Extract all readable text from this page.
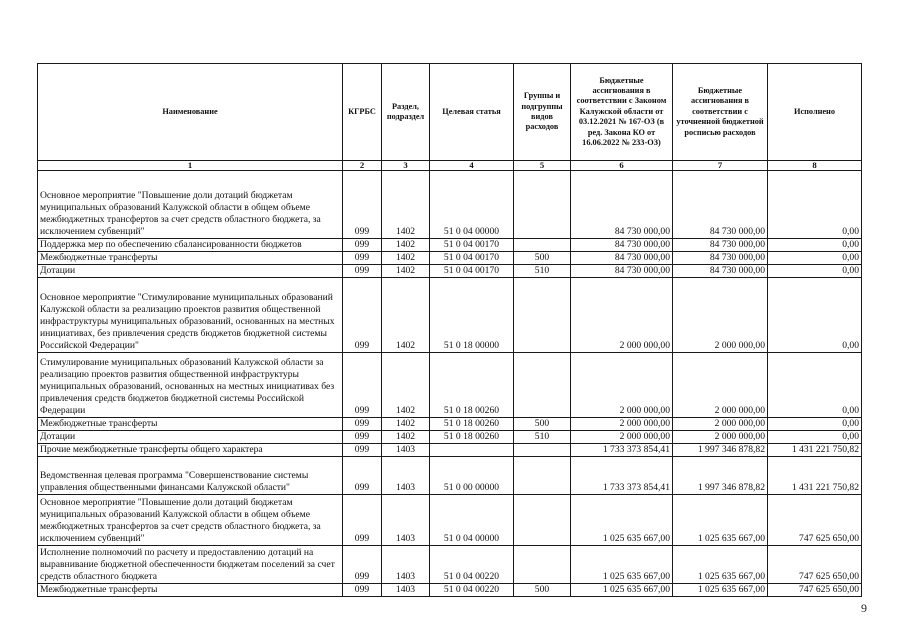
Наименование	КГРБС	Раздел, подраздел	Целевая статья	Группы и подгруппы видов расходов	Бюджетные ассигнования в соответствии с Законом Калужской области от 03.12.2021 № 167-ОЗ (в ред. Закона КО от 16.06.2022 № 233-ОЗ)	Бюджетные ассигнования в соответствии с уточненной бюджетной росписью расходов	Исполнено
1	2	3	4	5	6	7	8
Основное мероприятие "Повышение доли дотаций бюджетам муниципальных образований Калужской области в общем объеме межбюджетных трансфертов за счет средств областного бюджета, за исключением субвенций"	099	1402	51 0 04 00000		84 730 000,00	84 730 000,00	0,00
Поддержка мер по обеспечению сбалансированности бюджетов	099	1402	51 0 04 00170		84 730 000,00	84 730 000,00	0,00
Межбюджетные трансферты	099	1402	51 0 04 00170	500	84 730 000,00	84 730 000,00	0,00
Дотации	099	1402	51 0 04 00170	510	84 730 000,00	84 730 000,00	0,00
Основное мероприятие "Стимулирование муниципальных образований Калужской области за реализацию проектов развития общественной инфраструктуры муниципальных образований, основанных на местных инициативах, без привлечения средств бюджетов бюджетной системы Российской Федерации"	099	1402	51 0 18 00000		2 000 000,00	2 000 000,00	0,00
Стимулирование муниципальных образований Калужской области за реализацию проектов развития общественной инфраструктуры муниципальных образований, основанных на местных инициативах без привлечения средств бюджетов бюджетной системы Российской Федерации	099	1402	51 0 18 00260		2 000 000,00	2 000 000,00	0,00
Межбюджетные трансферты	099	1402	51 0 18 00260	500	2 000 000,00	2 000 000,00	0,00
Дотации	099	1402	51 0 18 00260	510	2 000 000,00	2 000 000,00	0,00
Прочие межбюджетные трансферты общего характера	099	1403			1 733 373 854,41	1 997 346 878,82	1 431 221 750,82
Ведомственная целевая программа "Совершенствование системы управления общественными финансами Калужской области"	099	1403	51 0 00 00000		1 733 373 854,41	1 997 346 878,82	1 431 221 750,82
Основное мероприятие "Повышение доли дотаций бюджетам муниципальных образований Калужской области в общем объеме межбюджетных трансфертов за счет средств областного бюджета, за исключением субвенций"	099	1403	51 0 04 00000		1 025 635 667,00	1 025 635 667,00	747 625 650,00
Исполнение полномочий по расчету и предоставлению дотаций на выравнивание бюджетной обеспеченности бюджетам поселений за счет средств областного бюджета	099	1403	51 0 04 00220		1 025 635 667,00	1 025 635 667,00	747 625 650,00
Межбюджетные трансферты	099	1403	51 0 04 00220	500	1 025 635 667,00	1 025 635 667,00	747 625 650,00
9
